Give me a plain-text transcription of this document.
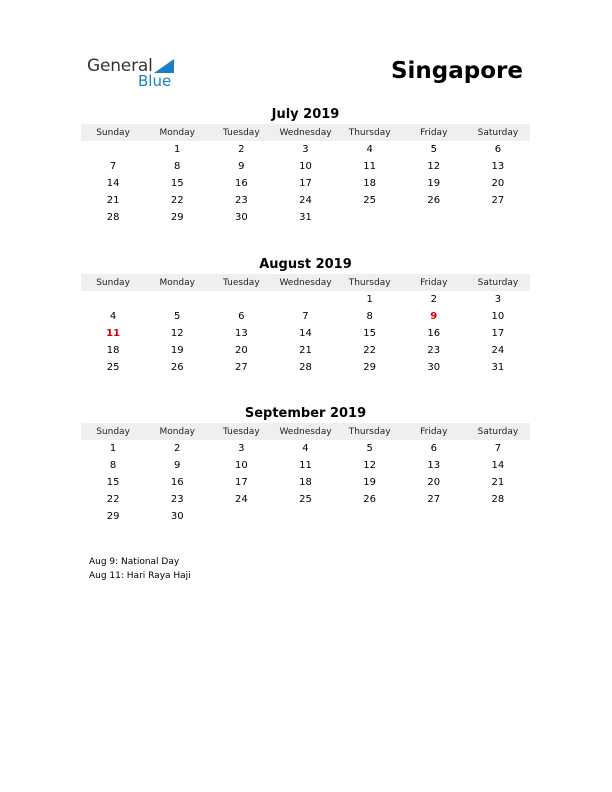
General
Blue	Singapore
July 2019
Sunday	Monday	Tuesday	Wednesday	Thursday	Friday	Saturday
	1	2	3	4	5	6
7	8	9	10	11	12	13
14	15	16	17	18	19	20
21	22	23	24	25	26	27
28	29	30	31			
August 2019
Sunday	Monday	Tuesday	Wednesday	Thursday	Friday	Saturday
				1	2	3
4	5	6	7	8	9	10
11	12	13	14	15	16	17
18	19	20	21	22	23	24
25	26	27	28	29	30	31
September 2019
Sunday	Monday	Tuesday	Wednesday	Thursday	Friday	Saturday
1	2	3	4	5	6	7
8	9	10	11	12	13	14
15	16	17	18	19	20	21
22	23	24	25	26	27	28
29	30					
Aug 9: National Day
Aug 11: Hari Raya Haji
